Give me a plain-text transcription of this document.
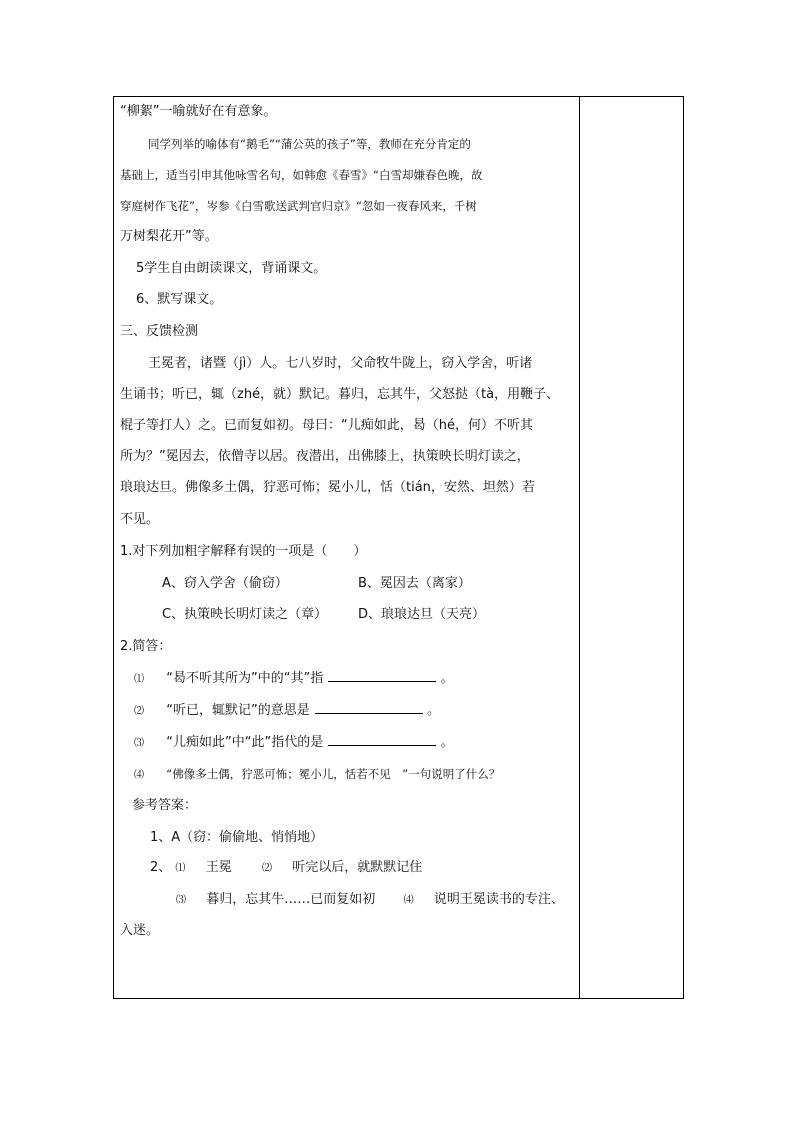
“柳絮”一喻就好在有意象。
同学列举的喻体有“鹅毛”“蒲公英的孩子”等，教师在充分肯定的
基础上，适当引申其他咏雪名句，如韩愈《春雪》“白雪却嫌春色晚，故
穿庭树作飞花”，岑参《白雪歌送武判官归京》“忽如一夜春风来，千树
万树梨花开”等。
5学生自由朗读课文，背诵课文。
6、默写课文。
三、反馈检测
王冕者，诸暨（jì）人。七八岁时，父命牧牛陇上，窃入学舍，听诸
生诵书；听已，辄（zhé，就）默记。暮归，忘其牛，父怒挞（tà，用鞭子、
棍子等打人）之。已而复如初。母曰：“儿痴如此，曷（hé，何）不听其
所为？”冕因去，依僧寺以居。夜潜出，出佛膝上，执策映长明灯读之，
琅琅达旦。佛像多土偶，狞恶可怖；冕小儿，恬（tián，安然、坦然）若
不见。
1.对下列加粗字解释有误的一项是（　　）
A、窃入学舍（偷窃）	B、冕因去（离家）
C、执策映长明灯读之（章） D、琅琅达旦（天亮）
2.简答：
⑴ “曷不听其所为”中的“其”指	。
⑵ “听已，辄默记”的意思是	。
⑶ “儿痴如此”中“此”指代的是	。
⑷ “佛像多土偶，狞恶可怖；冕小儿，恬若不见　”一句说明了什么？
参考答案：
1、A（窃：偷偷地、悄悄地）
2、 ⑴ 王冕	⑵ 听完以后，就默默记住
⑶ 暮归，忘其牛……已而复如初	⑷ 说明王冕读书的专注、
入迷。
